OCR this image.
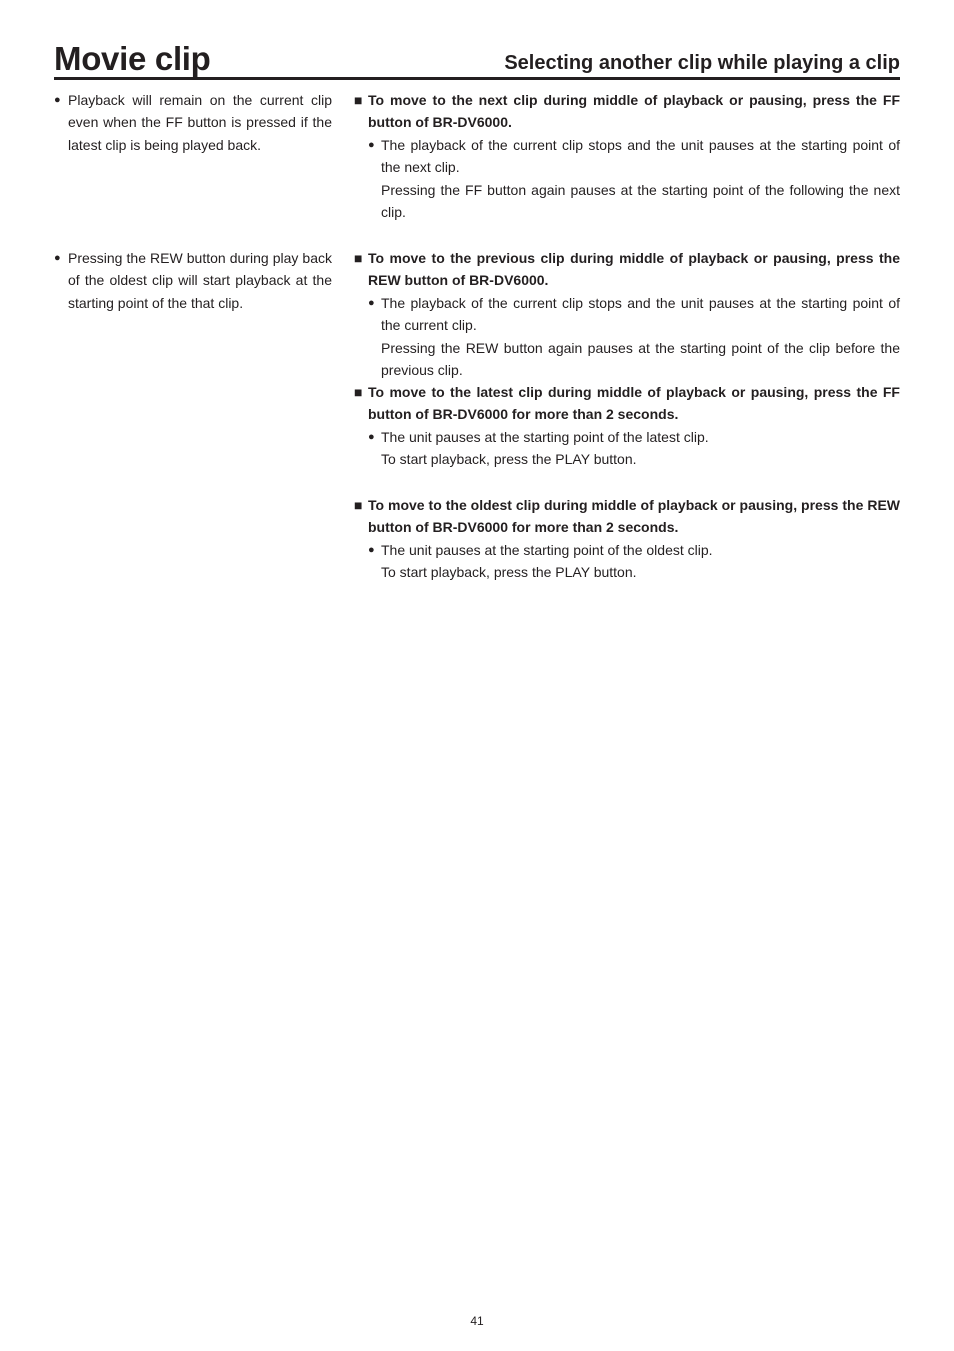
Movie clip	Selecting another clip while playing a clip
● Playback will remain on the current clip even when the FF button is pressed if the latest clip is being played back.
● Pressing the REW button during play back of the oldest clip will start playback at the starting point of the that clip.
■ To move to the next clip during middle of playback or pausing, press the FF button of BR-DV6000.
● The playback of the current clip stops and the unit pauses at the starting point of the next clip.
Pressing the FF button again pauses at the starting point of the following the next clip.
■ To move to the previous clip during middle of playback or pausing, press the REW button of BR-DV6000.
● The playback of the current clip stops and the unit pauses at the starting point of the current clip.
Pressing the REW button again pauses at the starting point of the clip before the previous clip.
■ To move to the latest clip during middle of playback or pausing, press the FF button of BR-DV6000 for more than 2 seconds.
● The unit pauses at the starting point of the latest clip.
To start playback, press the PLAY button.
■ To move to the oldest clip during middle of playback or pausing, press the REW button of BR-DV6000 for more than 2 seconds.
● The unit pauses at the starting point of the oldest clip.
To start playback, press the PLAY button.
41
